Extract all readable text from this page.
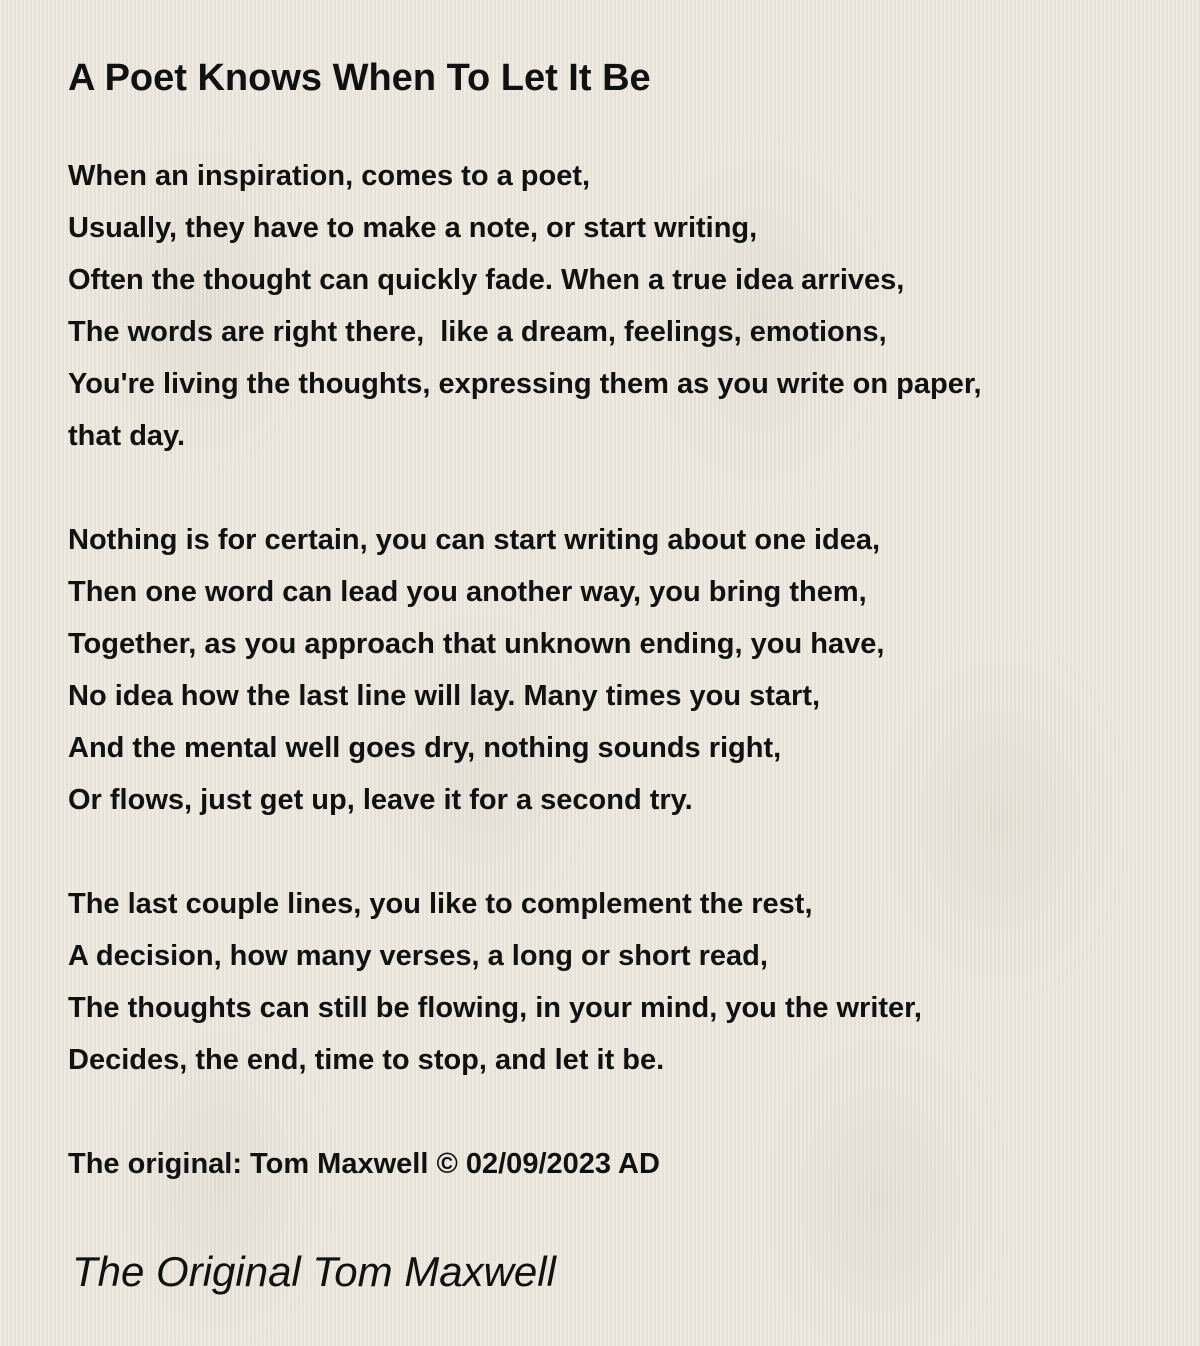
A Poet Knows When To Let It Be
When an inspiration, comes to a poet,
Usually, they have to make a note, or start writing,
Often the thought can quickly fade. When a true idea arrives,
The words are right there,  like a dream, feelings, emotions,
You're living the thoughts, expressing them as you write on paper,
that day.
Nothing is for certain, you can start writing about one idea,
Then one word can lead you another way, you bring them,
Together, as you approach that unknown ending, you have,
No idea how the last line will lay. Many times you start,
And the mental well goes dry, nothing sounds right,
Or flows, just get up, leave it for a second try.
The last couple lines, you like to complement the rest,
A decision, how many verses, a long or short read,
The thoughts can still be flowing, in your mind, you the writer,
Decides, the end, time to stop, and let it be.
The original: Tom Maxwell © 02/09/2023 AD
The Original Tom Maxwell
